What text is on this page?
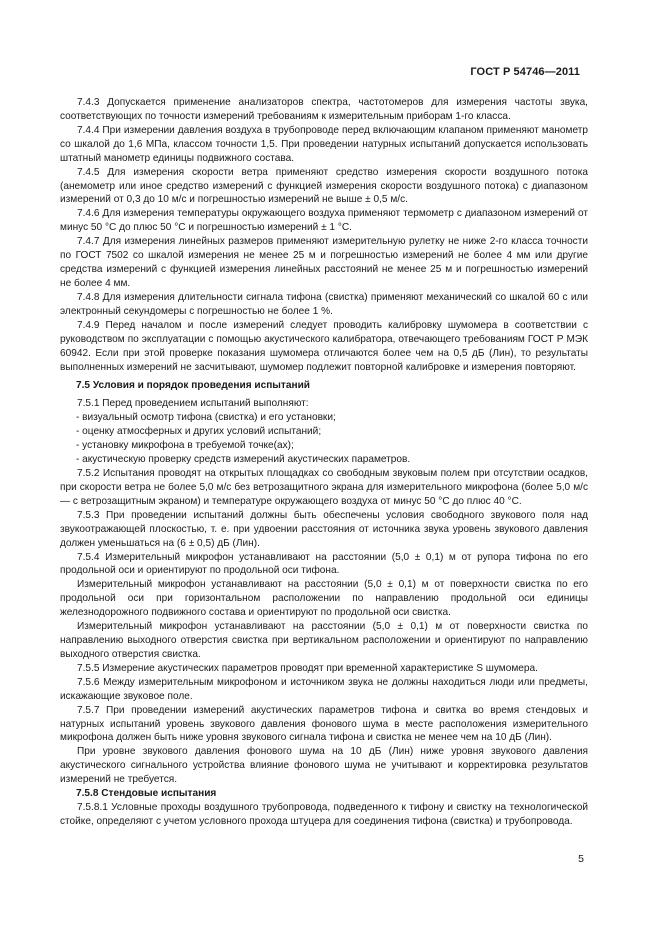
ГОСТ Р 54746—2011

7.4.3 Допускается применение анализаторов спектра, частотомеров для измерения частоты звука, соответствующих по точности измерений требованиям к измерительным приборам 1-го класса.

7.4.4 При измерении давления воздуха в трубопроводе перед включающим клапаном применяют манометр со шкалой до 1,6 МПа, классом точности 1,5. При проведении натурных испытаний допускается использовать штатный манометр единицы подвижного состава.

7.4.5 Для измерения скорости ветра применяют средство измерения скорости воздушного потока (анемометр или иное средство измерений с функцией измерения скорости воздушного потока) с диапазоном измерений от 0,3 до 10 м/с и погрешностью измерений не выше ± 0,5 м/с.

7.4.6 Для измерения температуры окружающего воздуха применяют термометр с диапазоном измерений от минус 50 °С до плюс 50 °С и погрешностью измерений ± 1 °С.

7.4.7 Для измерения линейных размеров применяют измерительную рулетку не ниже 2-го класса точности по ГОСТ 7502 со шкалой измерения не менее 25 м и погрешностью измерений не более 4 мм или другие средства измерений с функцией измерения линейных расстояний не менее 25 м и погрешностью измерений не более 4 мм.

7.4.8 Для измерения длительности сигнала тифона (свистка) применяют механический со шкалой 60 с или электронный секундомеры с погрешностью не более 1 %.

7.4.9 Перед началом и после измерений следует проводить калибровку шумомера в соответствии с руководством по эксплуатации с помощью акустического калибратора, отвечающего требованиям ГОСТ Р МЭК 60942. Если при этой проверке показания шумомера отличаются более чем на 0,5 дБ (Лин), то результаты выполненных измерений не засчитывают, шумомер подлежит повторной калибровке и измерения повторяют.

7.5 Условия и порядок проведения испытаний

7.5.1 Перед проведением испытаний выполняют:

- визуальный осмотр тифона (свистка) и его установки;

- оценку атмосферных и других условий испытаний;

- установку микрофона в требуемой точке(ах);

- акустическую проверку средств измерений акустических параметров.

7.5.2 Испытания проводят на открытых площадках со свободным звуковым полем при отсутствии осадков, при скорости ветра не более 5,0 м/с без ветрозащитного экрана для измерительного микрофона (более 5,0 м/с — с ветрозащитным экраном) и температуре окружающего воздуха от минус 50 °С до плюс 40 °С.

7.5.3 При проведении испытаний должны быть обеспечены условия свободного звукового поля над звукоотражающей плоскостью, т. е. при удвоении расстояния от источника звука уровень звукового давления должен уменьшаться на (6 ± 0,5) дБ (Лин).

7.5.4 Измерительный микрофон устанавливают на расстоянии (5,0 ± 0,1) м от рупора тифона по его продольной оси и ориентируют по продольной оси тифона.

Измерительный микрофон устанавливают на расстоянии (5,0 ± 0,1) м от поверхности свистка по его продольной оси при горизонтальном расположении по направлению продольной оси единицы железнодорожного подвижного состава и ориентируют по продольной оси свистка.

Измерительный микрофон устанавливают на расстоянии (5,0 ± 0,1) м от поверхности свистка по направлению выходного отверстия свистка при вертикальном расположении и ориентируют по направлению выходного отверстия свистка.

7.5.5 Измерение акустических параметров проводят при временной характеристике S шумомера.

7.5.6 Между измерительным микрофоном и источником звука не должны находиться люди или предметы, искажающие звуковое поле.

7.5.7 При проведении измерений акустических параметров тифона и свитка во время стендовых и натурных испытаний уровень звукового давления фонового шума в месте расположения измерительного микрофона должен быть ниже уровня звукового сигнала тифона и свистка не менее чем на 10 дБ (Лин).

При уровне звукового давления фонового шума на 10 дБ (Лин) ниже уровня звукового давления акустического сигнального устройства влияние фонового шума не учитывают и корректировка результатов измерений не требуется.

7.5.8 Стендовые испытания

7.5.8.1 Условные проходы воздушного трубопровода, подведенного к тифону и свистку на технологической стойке, определяют с учетом условного прохода штуцера для соединения тифона (свистка) и трубопровода.

5
